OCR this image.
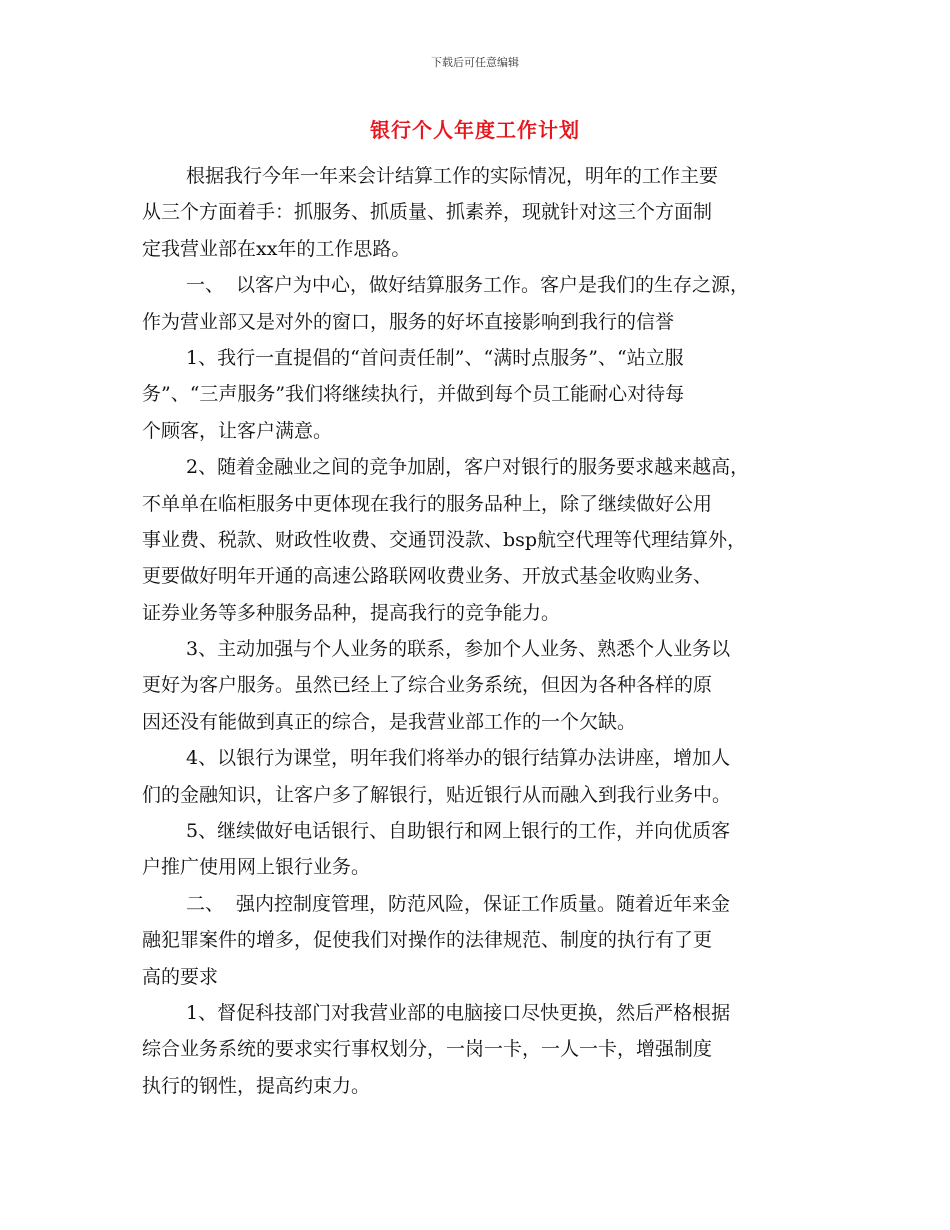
下载后可任意编辑
银行个人年度工作计划
根据我行今年一年来会计结算工作的实际情况，明年的工作主要
从三个方面着手：抓服务、抓质量、抓素养，现就针对这三个方面制
定我营业部在xx年的工作思路。
一、 以客户为中心，做好结算服务工作。客户是我们的生存之源，
作为营业部又是对外的窗口，服务的好坏直接影响到我行的信誉
1、我行一直提倡的“首问责任制”、“满时点服务”、“站立服
务”、“三声服务”我们将继续执行，并做到每个员工能耐心对待每
个顾客，让客户满意。
2、随着金融业之间的竞争加剧，客户对银行的服务要求越来越高，
不单单在临柜服务中更体现在我行的服务品种上，除了继续做好公用
事业费、税款、财政性收费、交通罚没款、bsp航空代理等代理结算外，
更要做好明年开通的高速公路联网收费业务、开放式基金收购业务、
证券业务等多种服务品种，提高我行的竞争能力。
3、主动加强与个人业务的联系，参加个人业务、熟悉个人业务以
更好为客户服务。虽然已经上了综合业务系统，但因为各种各样的原
因还没有能做到真正的综合，是我营业部工作的一个欠缺。
4、以银行为课堂，明年我们将举办的银行结算办法讲座，增加人
们的金融知识，让客户多了解银行，贴近银行从而融入到我行业务中。
5、继续做好电话银行、自助银行和网上银行的工作，并向优质客
户推广使用网上银行业务。
二、 强内控制度管理，防范风险，保证工作质量。随着近年来金
融犯罪案件的增多，促使我们对操作的法律规范、制度的执行有了更
高的要求
1、督促科技部门对我营业部的电脑接口尽快更换，然后严格根据
综合业务系统的要求实行事权划分，一岗一卡，一人一卡，增强制度
执行的钢性，提高约束力。
